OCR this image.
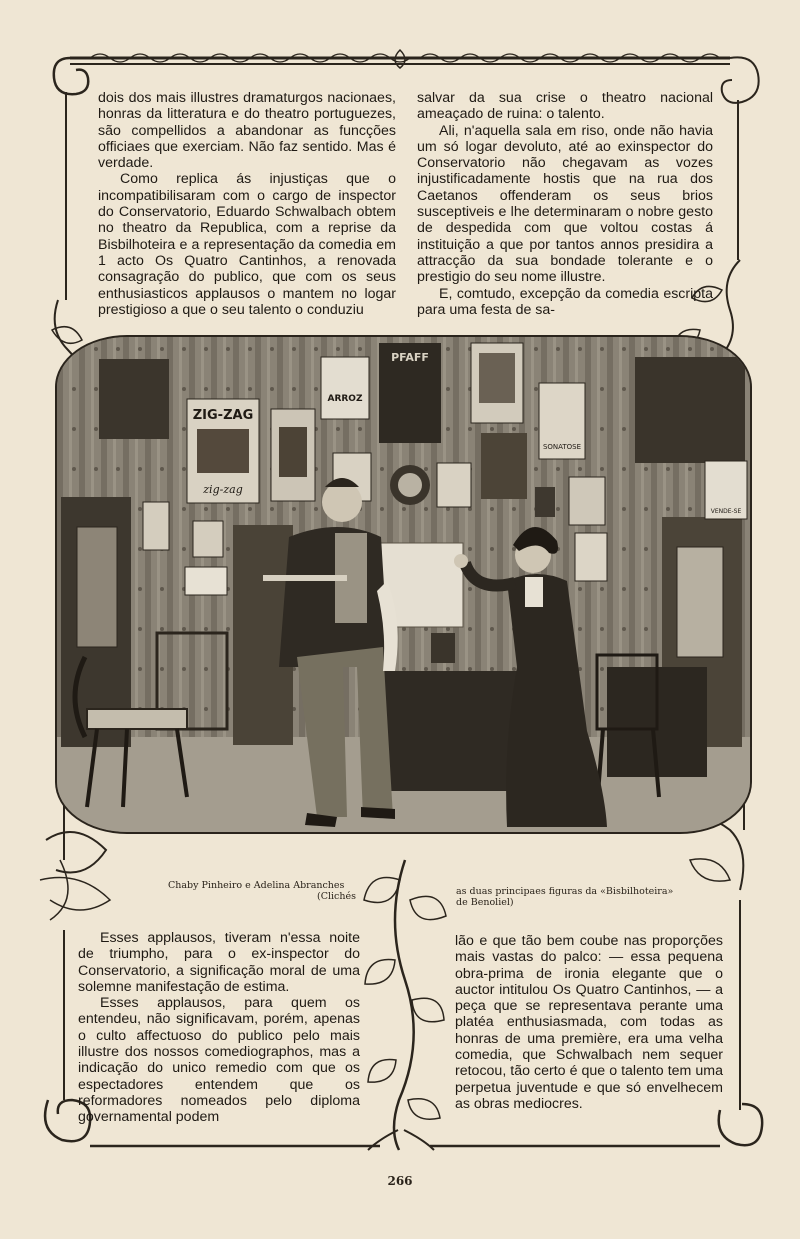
dois dos mais illustres dramaturgos nacionaes, honras da litteratura e do theatro portuguezes, são compellidos a abandonar as funcções officiaes que exerciam. Não faz sentido. Mas é verdade.

Como replica ás injustiças que o incompatibilisaram com o cargo de inspector do Conservatorio, Eduardo Schwalbach obtem no theatro da Republica, com a reprise da Bisbilhoteira e a representação da comedia em 1 acto Os Quatro Cantinhos, a renovada consagração do publico, que com os seus enthusiasticos applausos o mantem no logar prestigioso a que o seu talento o conduziu

salvar da sua crise o theatro nacional ameaçado de ruina: o talento.

Ali, n'aquella sala em riso, onde não havia um só logar devoluto, até ao exinspector do Conservatorio não chegavam as vozes injustificadamente hostis que na rua dos Caetanos offenderam os seus brios susceptiveis e lhe determinaram o nobre gesto de despedida com que voltou costas á instituição a que por tantos annos presidira a attracção da sua bondade tolerante e o prestigio do seu nome illustre.

E, comtudo, excepção da comedia escripta para uma festa de sa-

ZIG-ZAG
zig-zag
ARROZ
PFAFF
SONATOSE
VENDE-SE
Chaby Pinheiro e Adelina Abranches
(Clichés	as duas principaes figuras da «Bisbilhoteira»
de Benoliel)

Esses applausos, tiveram n'essa noite de triumpho, para o ex-inspector do Conservatorio, a significação moral de uma solemne manifestação de estima.

Esses applausos, para quem os entendeu, não significavam, porém, apenas o culto affectuoso do publico pelo mais illustre dos nossos comediographos, mas a indicação do unico remedio com que os espectadores entendem que os reformadores nomeados pelo diploma governamental podem

lão e que tão bem coube nas proporções mais vastas do palco: — essa pequena obra-prima de ironia elegante que o auctor intitulou Os Quatro Cantinhos, — a peça que se representava perante uma platéa enthusiasmada, com todas as honras de uma première, era uma velha comedia, que Schwalbach nem sequer retocou, tão certo é que o talento tem uma perpetua juventude e que só envelhecem as obras mediocres.

266
